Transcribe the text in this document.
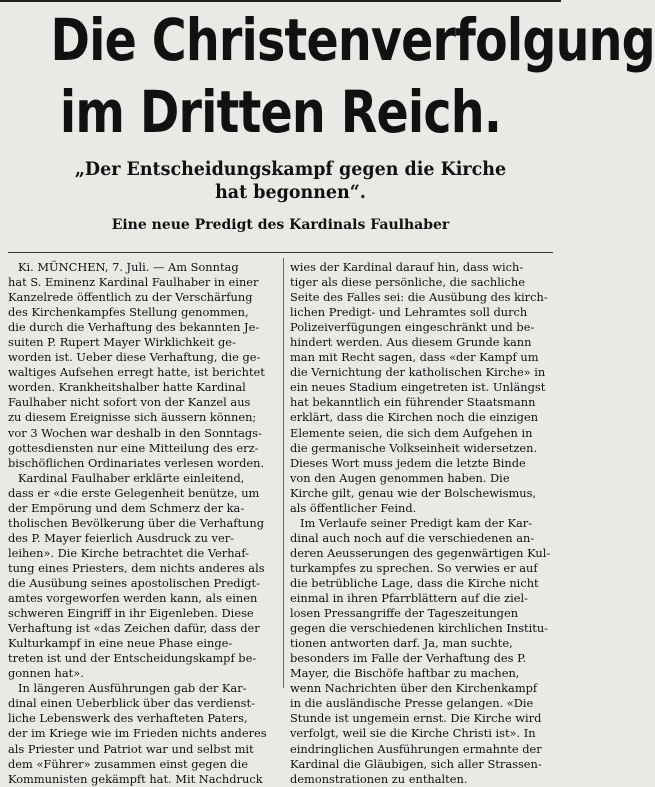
Die Christenverfolgung
im Dritten Reich.
„Der Entscheidungskampf gegen die Kirche
hat begonnen“.
Eine neue Predigt des Kardinals Faulhaber
Ki. MÜNCHEN, 7. Juli. — Am Sonntag
hat S. Eminenz Kardinal Faulhaber in einer
Kanzelrede öffentlich zu der Verschärfung
des Kirchenkampfes Stellung genommen,
die durch die Verhaftung des bekannten Je-
suiten P. Rupert Mayer Wirklichkeit ge-
worden ist. Ueber diese Verhaftung, die ge-
waltiges Aufsehen erregt hatte, ist berichtet
worden. Krankheitshalber hatte Kardinal
Faulhaber nicht sofort von der Kanzel aus
zu diesem Ereignisse sich äussern können;
vor 3 Wochen war deshalb in den Sonntags-
gottesdiensten nur eine Mitteilung des erz-
bischöflichen Ordinariates verlesen worden.
Kardinal Faulhaber erklärte einleitend,
dass er «die erste Gelegenheit benütze, um
der Empörung und dem Schmerz der ka-
tholischen Bevölkerung über die Verhaftung
des P. Mayer feierlich Ausdruck zu ver-
leihen». Die Kirche betrachtet die Verhaf-
tung eines Priesters, dem nichts anderes als
die Ausübung seines apostolischen Predigt-
amtes vorgeworfen werden kann, als einen
schweren Eingriff in ihr Eigenleben. Diese
Verhaftung ist «das Zeichen dafür, dass der
Kulturkampf in eine neue Phase einge-
treten ist und der Entscheidungskampf be-
gonnen hat».
In längeren Ausführungen gab der Kar-
dinal einen Ueberblick über das verdienst-
liche Lebenswerk des verhafteten Paters,
der im Kriege wie im Frieden nichts anderes
als Priester und Patriot war und selbst mit
dem «Führer» zusammen einst gegen die
Kommunisten gekämpft hat. Mit Nachdruck
wies der Kardinal darauf hin, dass wich-
tiger als diese persönliche, die sachliche
Seite des Falles sei: die Ausübung des kirch-
lichen Predigt- und Lehramtes soll durch
Polizeiverfügungen eingeschränkt und be-
hindert werden. Aus diesem Grunde kann
man mit Recht sagen, dass «der Kampf um
die Vernichtung der katholischen Kirche» in
ein neues Stadium eingetreten ist. Unlängst
hat bekanntlich ein führender Staatsmann
erklärt, dass die Kirchen noch die einzigen
Elemente seien, die sich dem Aufgehen in
die germanische Volkseinheit widersetzen.
Dieses Wort muss jedem die letzte Binde
von den Augen genommen haben. Die
Kirche gilt, genau wie der Bolschewismus,
als öffentlicher Feind.
Im Verlaufe seiner Predigt kam der Kar-
dinal auch noch auf die verschiedenen an-
deren Aeusserungen des gegenwärtigen Kul-
turkampfes zu sprechen. So verwies er auf
die betrübliche Lage, dass die Kirche nicht
einmal in ihren Pfarrblättern auf die ziel-
losen Pressangriffe der Tageszeitungen
gegen die verschiedenen kirchlichen Institu-
tionen antworten darf. Ja, man suchte,
besonders im Falle der Verhaftung des P.
Mayer, die Bischöfe haftbar zu machen,
wenn Nachrichten über den Kirchenkampf
in die ausländische Presse gelangen. «Die
Stunde ist ungemein ernst. Die Kirche wird
verfolgt, weil sie die Kirche Christi ist». In
eindringlichen Ausführungen ermahnte der
Kardinal die Gläubigen, sich aller Strassen-
demonstrationen zu enthalten.
